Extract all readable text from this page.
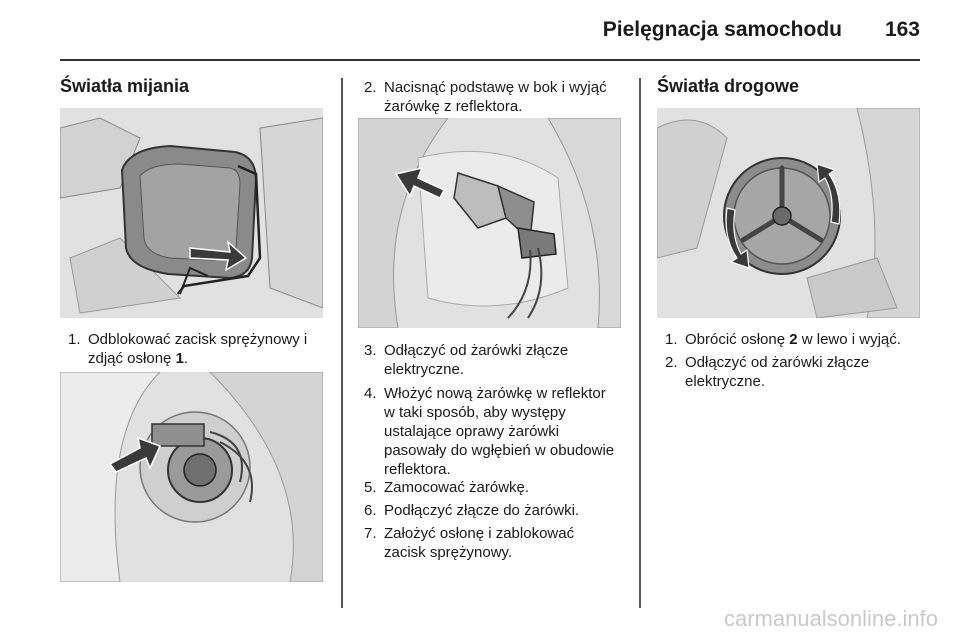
Pielęgnacja samochodu 163
Światła mijania
1. Odblokować zacisk sprężynowy i zdjąć osłonę 1.
2. Nacisnąć podstawę w bok i wyjąć żarówkę z reflektora.
3. Odłączyć od żarówki złącze elektryczne.
4. Włożyć nową żarówkę w reflektor w taki sposób, aby występy ustalające oprawy żarówki pasowały do wgłębień w obudowie reflektora.
5. Zamocować żarówkę.
6. Podłączyć złącze do żarówki.
7. Założyć osłonę i zablokować zacisk sprężynowy.
Światła drogowe
1. Obrócić osłonę 2 w lewo i wyjąć.
2. Odłączyć od żarówki złącze elektryczne.
carmanualsonline.info
